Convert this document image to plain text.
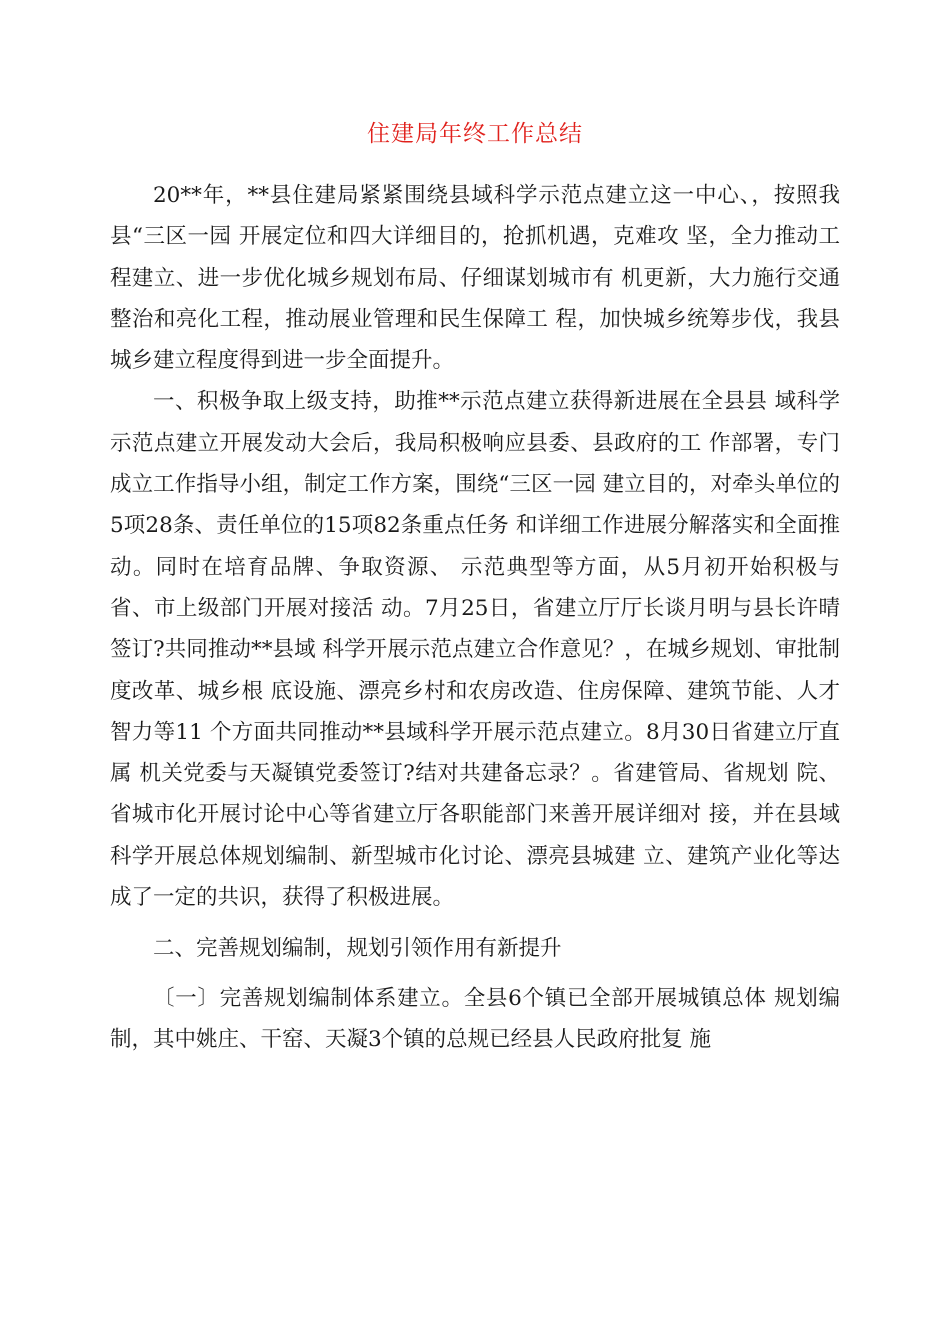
住建局年终工作总结

20**年，**县住建局紧紧围绕县域科学示范点建立这一中心、，按照我县“三区一园 开展定位和四大详细目的，抢抓机遇，克难攻 坚，全力推动工程建立、进一步优化城乡规划布局、仔细谋划城市有 机更新，大力施行交通整治和亮化工程，推动展业管理和民生保障工 程，加快城乡统筹步伐，我县城乡建立程度得到进一步全面提升。

一、积极争取上级支持，助推**示范点建立获得新进展在全县县 域科学示范点建立开展发动大会后，我局积极响应县委、县政府的工 作部署，专门成立工作指导小组，制定工作方案，围绕“三区一园 建立目的，对牵头单位的5项28条、责任单位的15项82条重点任务 和详细工作进展分解落实和全面推动。同时在培育品牌、争取资源、 示范典型等方面，从5月初开始积极与省、市上级部门开展对接活 动。7月25日，省建立厅厅长谈月明与县长许晴签订?共同推动**县域 科学开展示范点建立合作意见？，在城乡规划、审批制度改革、城乡根 底设施、漂亮乡村和农房改造、住房保障、建筑节能、人才智力等11 个方面共同推动**县域科学开展示范点建立。8月30日省建立厅直属 机关党委与天凝镇党委签订?结对共建备忘录？。省建管局、省规划 院、省城市化开展讨论中心等省建立厅各职能部门来善开展详细对 接，并在县域科学开展总体规划编制、新型城市化讨论、漂亮县城建 立、建筑产业化等达成了一定的共识，获得了积极进展。

二、完善规划编制，规划引领作用有新提升

〔一〕完善规划编制体系建立。全县6个镇已全部开展城镇总体 规划编制，其中姚庄、干窑、天凝3个镇的总规已经县人民政府批复 施
